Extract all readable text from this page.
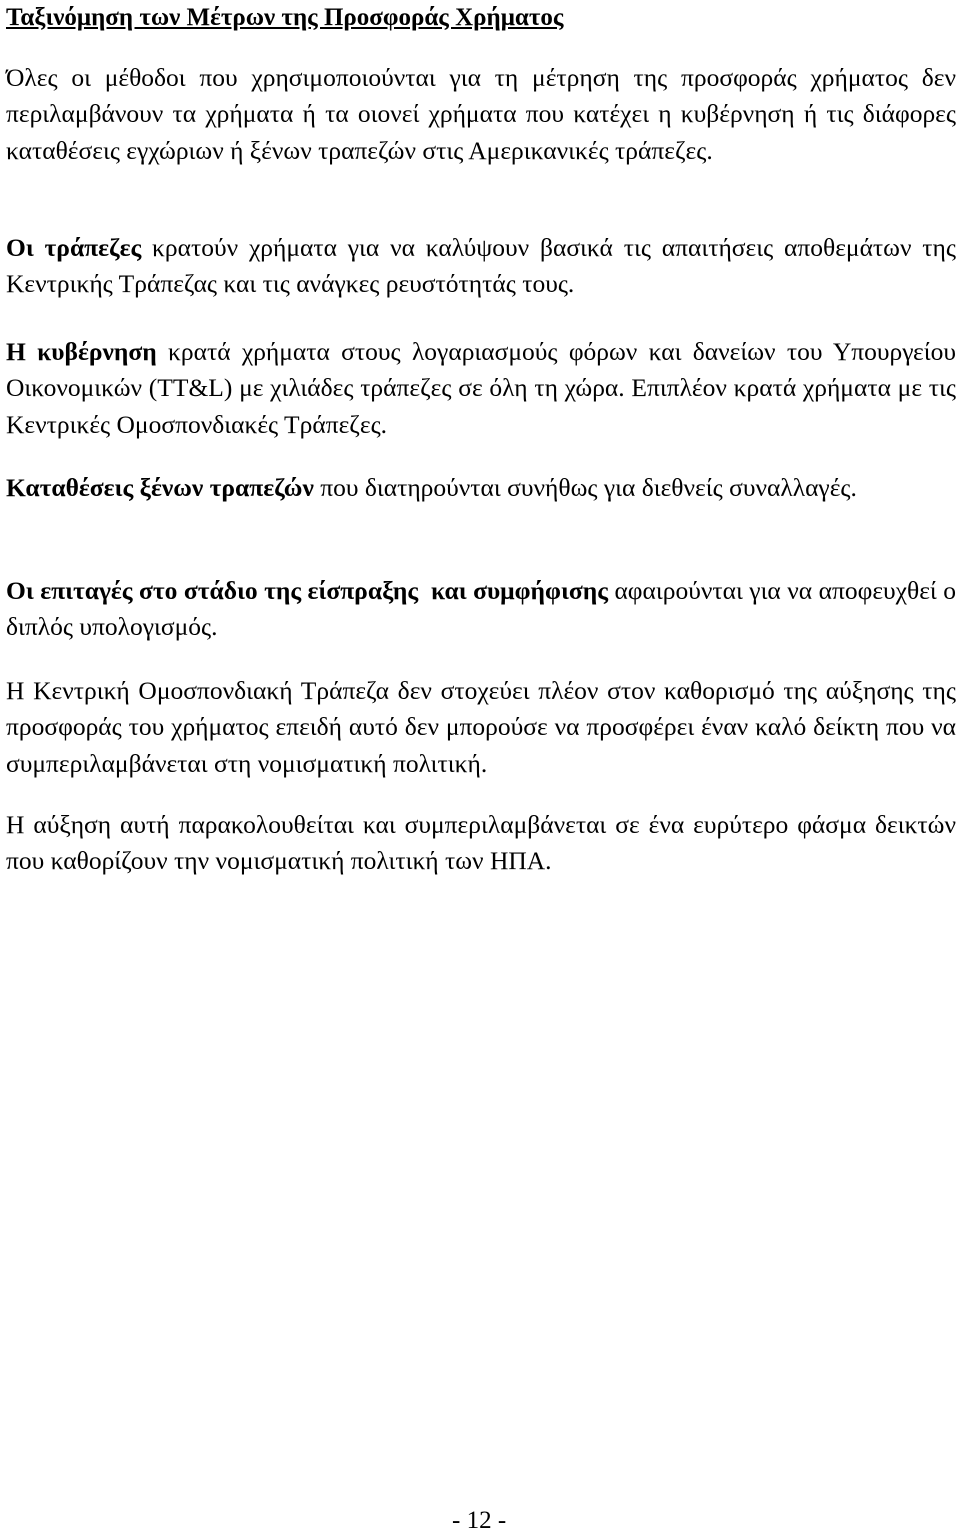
Ταξινόμηση των Μέτρων της Προσφοράς Χρήματος

Όλες οι μέθοδοι που χρησιμοποιούνται για τη μέτρηση της προσφοράς χρήματος δεν περιλαμβάνουν τα χρήματα ή τα οιονεί χρήματα που κατέχει η κυβέρνηση ή τις διάφορες καταθέσεις εγχώριων ή ξένων τραπεζών στις Αμερικανικές τράπεζες.

Οι τράπεζες κρατούν χρήματα για να καλύψουν βασικά τις απαιτήσεις αποθεμάτων της Κεντρικής Τράπεζας και τις ανάγκες ρευστότητάς τους.

Η κυβέρνηση κρατά χρήματα στους λογαριασμούς φόρων και δανείων του Υπουργείου Οικονομικών (TT&L) με χιλιάδες τράπεζες σε όλη τη χώρα. Επιπλέον κρατά χρήματα με τις Κεντρικές Ομοσπονδιακές Τράπεζες.

Καταθέσεις ξένων τραπεζών που διατηρούνται συνήθως για διεθνείς συναλλαγές.

Οι επιταγές στο στάδιο της είσπραξης  και συμφήφισης αφαιρούνται για να αποφευχθεί ο διπλός υπολογισμός.

Η Κεντρική Ομοσπονδιακή Τράπεζα δεν στοχεύει πλέον στον καθορισμό της αύξησης της προσφοράς του χρήματος επειδή αυτό δεν μπορούσε να προσφέρει έναν καλό δείκτη που να συμπεριλαμβάνεται στη νομισματική πολιτική.

Η αύξηση αυτή παρακολουθείται και συμπεριλαμβάνεται σε ένα ευρύτερο φάσμα δεικτών που καθορίζουν την νομισματική πολιτική των ΗΠΑ.

- 12 -
